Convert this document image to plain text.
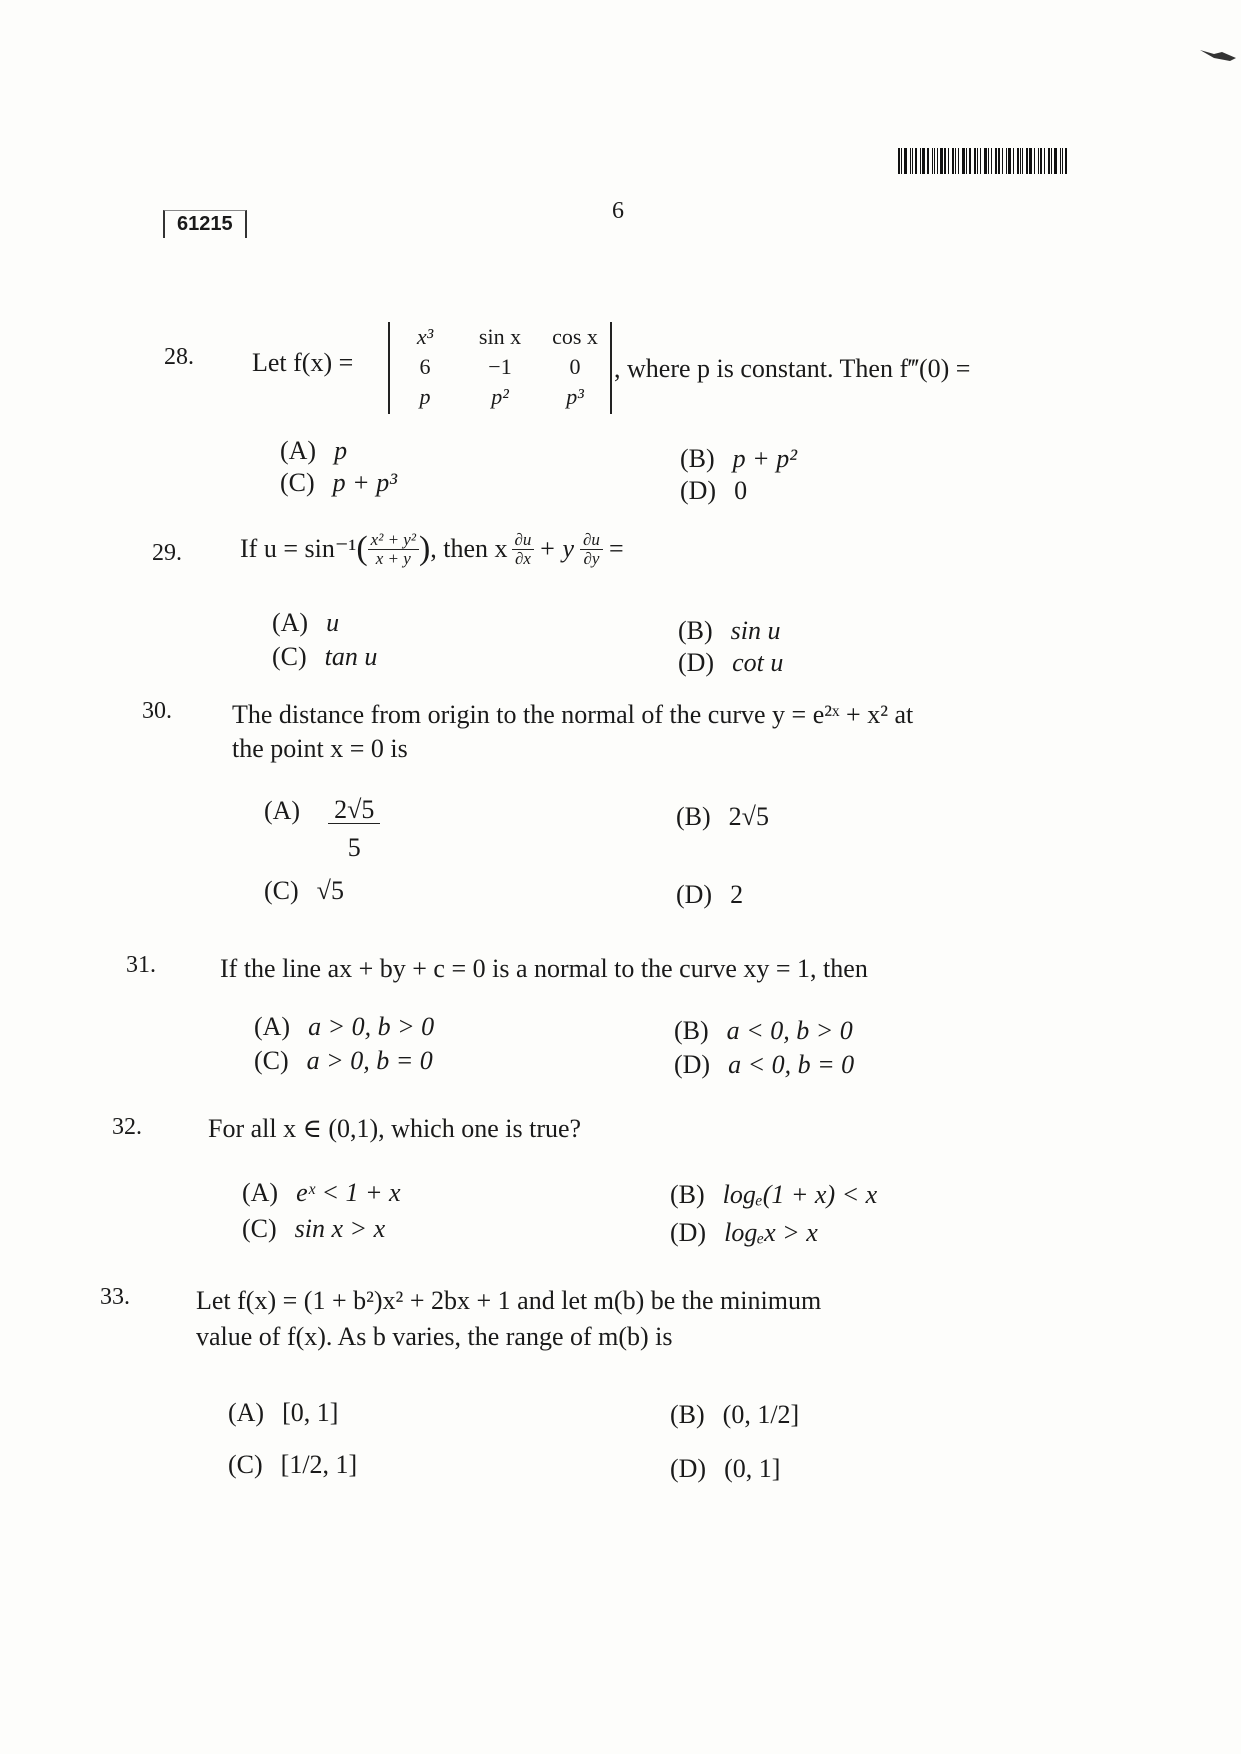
61215	6
28. Let f(x) =
x³	sin x	cos x
6	−1	0
p	p²	p³
, where p is constant. Then f‴(0) =
(A) p
(C) p + p³
(B) p + p²
(D) 0
29. If u = sin⁻¹ ( $\frac{\text{x² + y²}}{x + y}$ ) , then x $\frac{\partial u}{\partial x} + y \frac{\partial u}{\partial y}$ =
(A) u
(C) tan u
(B) sin u
(D) cot u
30. The distance from origin to the normal of the curve y = e²ˣ + x² at
the point x = 0 is
$(A) \frac{2√5}{5}$
(C) √5
(B) 2√5
(D) 2
31. If the line ax + by + c = 0 is a normal to the curve xy = 1, then
(A) a > 0, b > 0
(C) a > 0, b = 0
(B) a < 0, b > 0
(D) a < 0, b = 0
32.	For all x ∈ (0,1), which one is true?
(A) eˣ < 1 + x
(C) sin x > x
(B) logₑ(1 + x) < x
(D) logₑx > x
33.	Let f(x) = (1 + b²)x² + 2bx + 1 and let m(b) be the minimum
value of f(x). As b varies, the range of m(b) is
(A) [0, 1]
(C) [1/2, 1]
(B) (0, 1/2]
(D) (0, 1]
